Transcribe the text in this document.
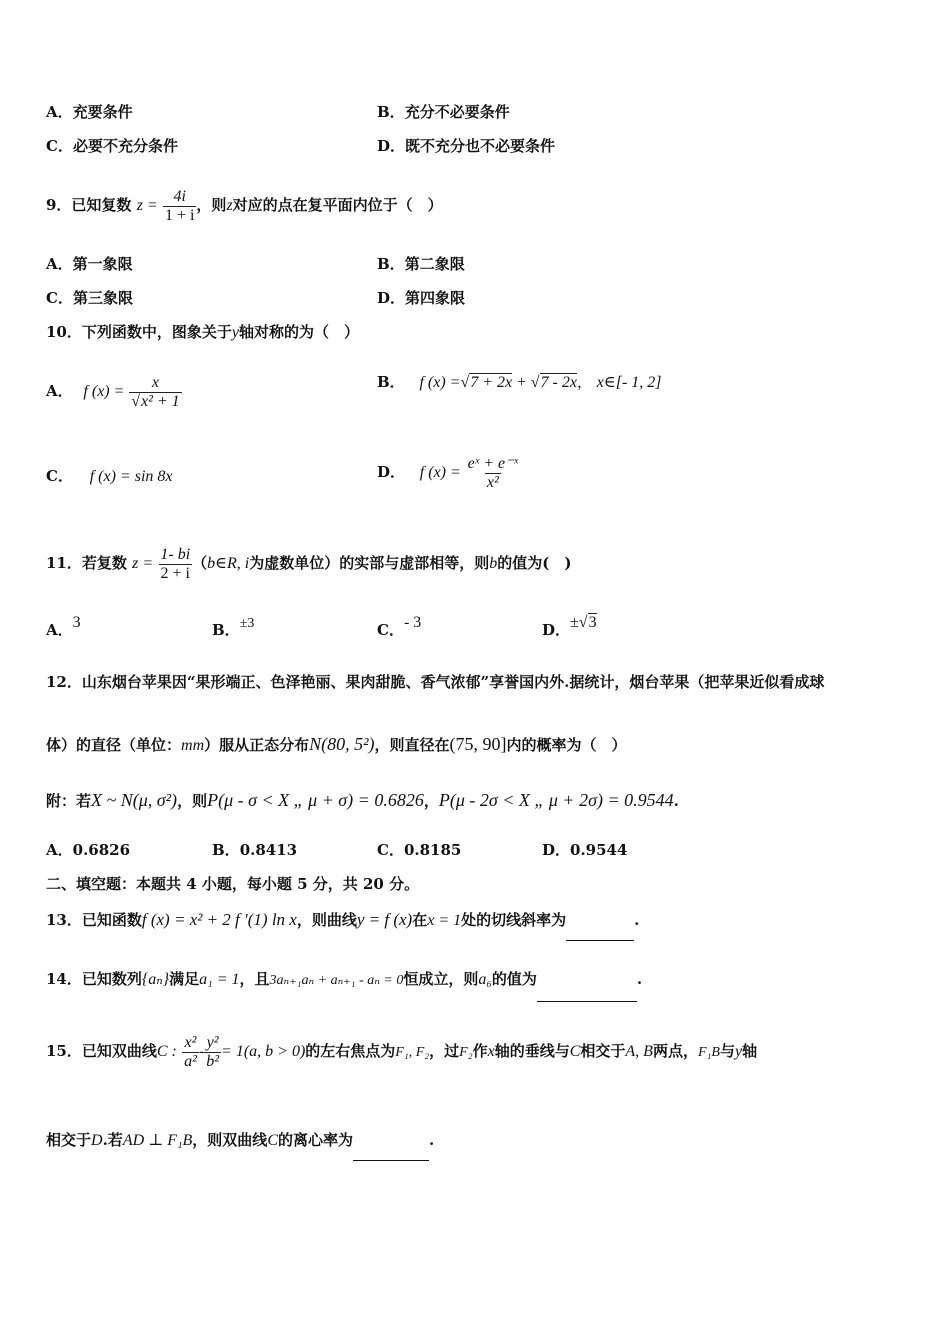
A．充要条件	B．充分不必要条件
C．必要不充分条件	D．既不充分也不必要条件
9．已知复数 $z = \frac{4i}{1 + i}$ ，则z对应的点在复平面内位于（　）
A．第一象限	B．第二象限
C．第三象限	D．第四象限
10．下列函数中，图象关于y轴对称的为（　）
A． f $(x) = \frac{x}{\text{√x² + 1}}$	B． f (x) =√7 + 2x + √7 - 2x， x∈[- 1, 2]
C． f (x) = sin 8x	D． f $(x) = \frac{\text{eˣ + e⁻ˣ}}{\text{x²}}$
11．若复数 $z = \frac{1- bi}{2 + i}$ （b∈R, i为虚数单位）的实部与虚部相等，则b的值为(　)
A．3	B．±3	C．- 3	D．±√3
12．山东烟台苹果因“果形端正、色泽艳丽、果肉甜脆、香气浓郁”享誉国内外.据统计，烟台苹果（把苹果近似看成球
体）的直径（单位：mm）服从正态分布N(80, 5²)，则直径在(75, 90]内的概率为（　）
附：若X ~ N(μ, σ²)，则P(μ - σ < X „ μ + σ) = 0.6826，P(μ - 2σ < X „ μ + 2σ) = 0.9544.
A．0.6826	B．0.8413	C．0.8185	D．0.9544
二、填空题：本题共 4 小题，每小题 5 分，共 20 分。
13．已知函数f (x) = x² + 2 f ′(1) ln x，则曲线y = f (x)在x = 1处的切线斜率为	.
14．已知数列{aₙ}满足a₁ = 1，且3aₙ₊₁aₙ + aₙ₊₁ - aₙ = 0恒成立，则a₆的值为	.
15．已知双曲线C : $\frac{\text{x²}}{\text{a²}} - \frac{\text{y²}}{\text{b²}} = 1(a$, b > 0)的左右焦点为F₁, F₂，过F₂作x轴的垂线与C相交于A, B两点，F₁B与y轴
相交于D.若AD ⊥ F₁B，则双曲线C的离心率为	.
